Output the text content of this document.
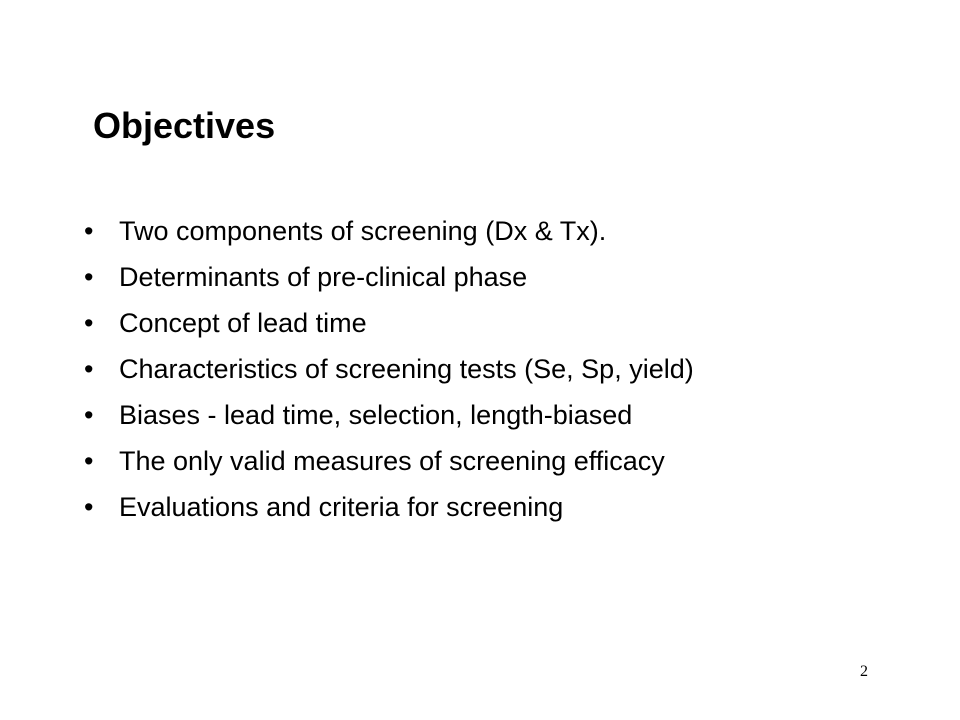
Objectives
• Two components of screening (Dx & Tx).
• Determinants of pre-clinical phase
• Concept of lead time
• Characteristics of screening tests (Se, Sp, yield)
• Biases - lead time, selection, length-biased
• The only valid measures of screening efficacy
• Evaluations and criteria for screening
2
